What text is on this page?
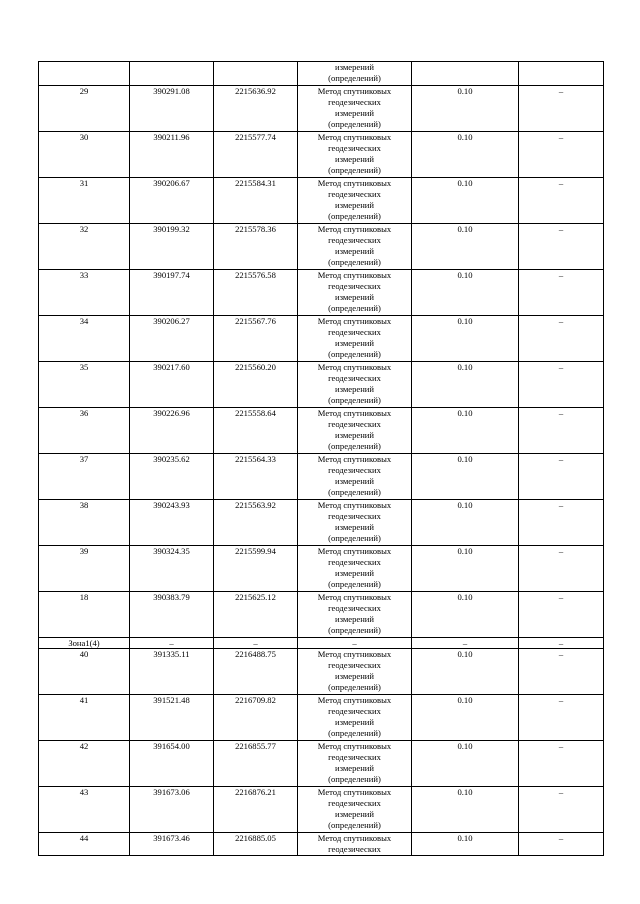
			измерений
(определений)		

29	390291.08	2215636.92	Метод спутниковых
геодезических
измерений
(определений)	0.10	–
30	390211.96	2215577.74	Метод спутниковых
геодезических
измерений
(определений)	0.10	–
31	390206.67	2215584.31	Метод спутниковых
геодезических
измерений
(определений)	0.10	–
32	390199.32	2215578.36	Метод спутниковых
геодезических
измерений
(определений)	0.10	–
33	390197.74	2215576.58	Метод спутниковых
геодезических
измерений
(определений)	0.10	–
34	390206.27	2215567.76	Метод спутниковых
геодезических
измерений
(определений)	0.10	–
35	390217.60	2215560.20	Метод спутниковых
геодезических
измерений
(определений)	0.10	–
36	390226.96	2215558.64	Метод спутниковых
геодезических
измерений
(определений)	0.10	–
37	390235.62	2215564.33	Метод спутниковых
геодезических
измерений
(определений)	0.10	–
38	390243.93	2215563.92	Метод спутниковых
геодезических
измерений
(определений)	0.10	–
39	390324.35	2215599.94	Метод спутниковых
геодезических
измерений
(определений)	0.10	–
18	390383.79	2215625.12	Метод спутниковых
геодезических
измерений
(определений)	0.10	–
Зона1(4)	–	–	–	–	–
40	391335.11	2216488.75	Метод спутниковых
геодезических
измерений
(определений)	0.10	–
41	391521.48	2216709.82	Метод спутниковых
геодезических
измерений
(определений)	0.10	–
42	391654.00	2216855.77	Метод спутниковых
геодезических
измерений
(определений)	0.10	–
43	391673.06	2216876.21	Метод спутниковых
геодезических
измерений
(определений)	0.10	–
44	391673.46	2216885.05	Метод спутниковых
геодезических	0.10	–
